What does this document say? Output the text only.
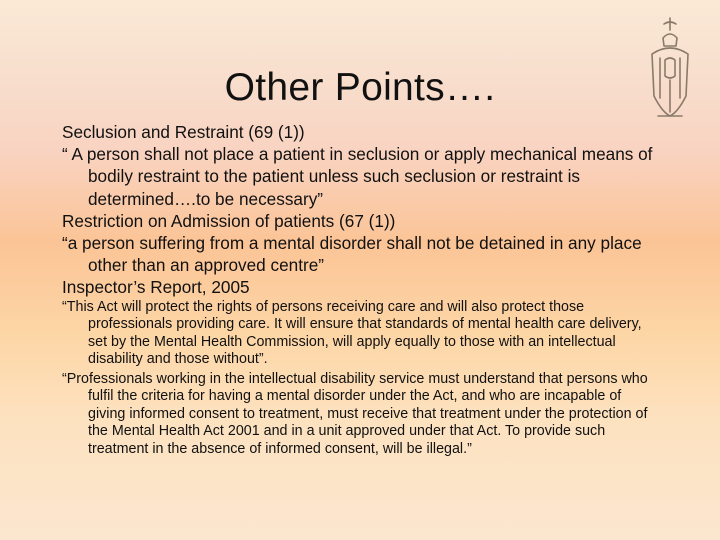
Other Points….

Seclusion and Restraint (69 (1))

“ A person shall not place a patient in seclusion or apply mechanical means of bodily restraint to the patient unless such seclusion or restraint is determined….to be necessary”

Restriction on Admission of patients (67 (1))

“a person suffering from a mental disorder shall not be detained in any place other than an approved centre”

Inspector’s Report, 2005

“This Act will protect the rights of persons receiving care and will also protect those professionals providing care. It will ensure that standards of mental health care delivery, set by the Mental Health Commission, will apply equally to those with an intellectual disability and those without”.

“Professionals working in the intellectual disability service must understand that persons who fulfil the criteria for having a mental disorder under the Act, and who are incapable of giving informed consent to treatment, must receive that treatment under the protection of the Mental Health Act 2001 and in a unit approved under that Act. To provide such treatment in the absence of informed consent, will be illegal.”
